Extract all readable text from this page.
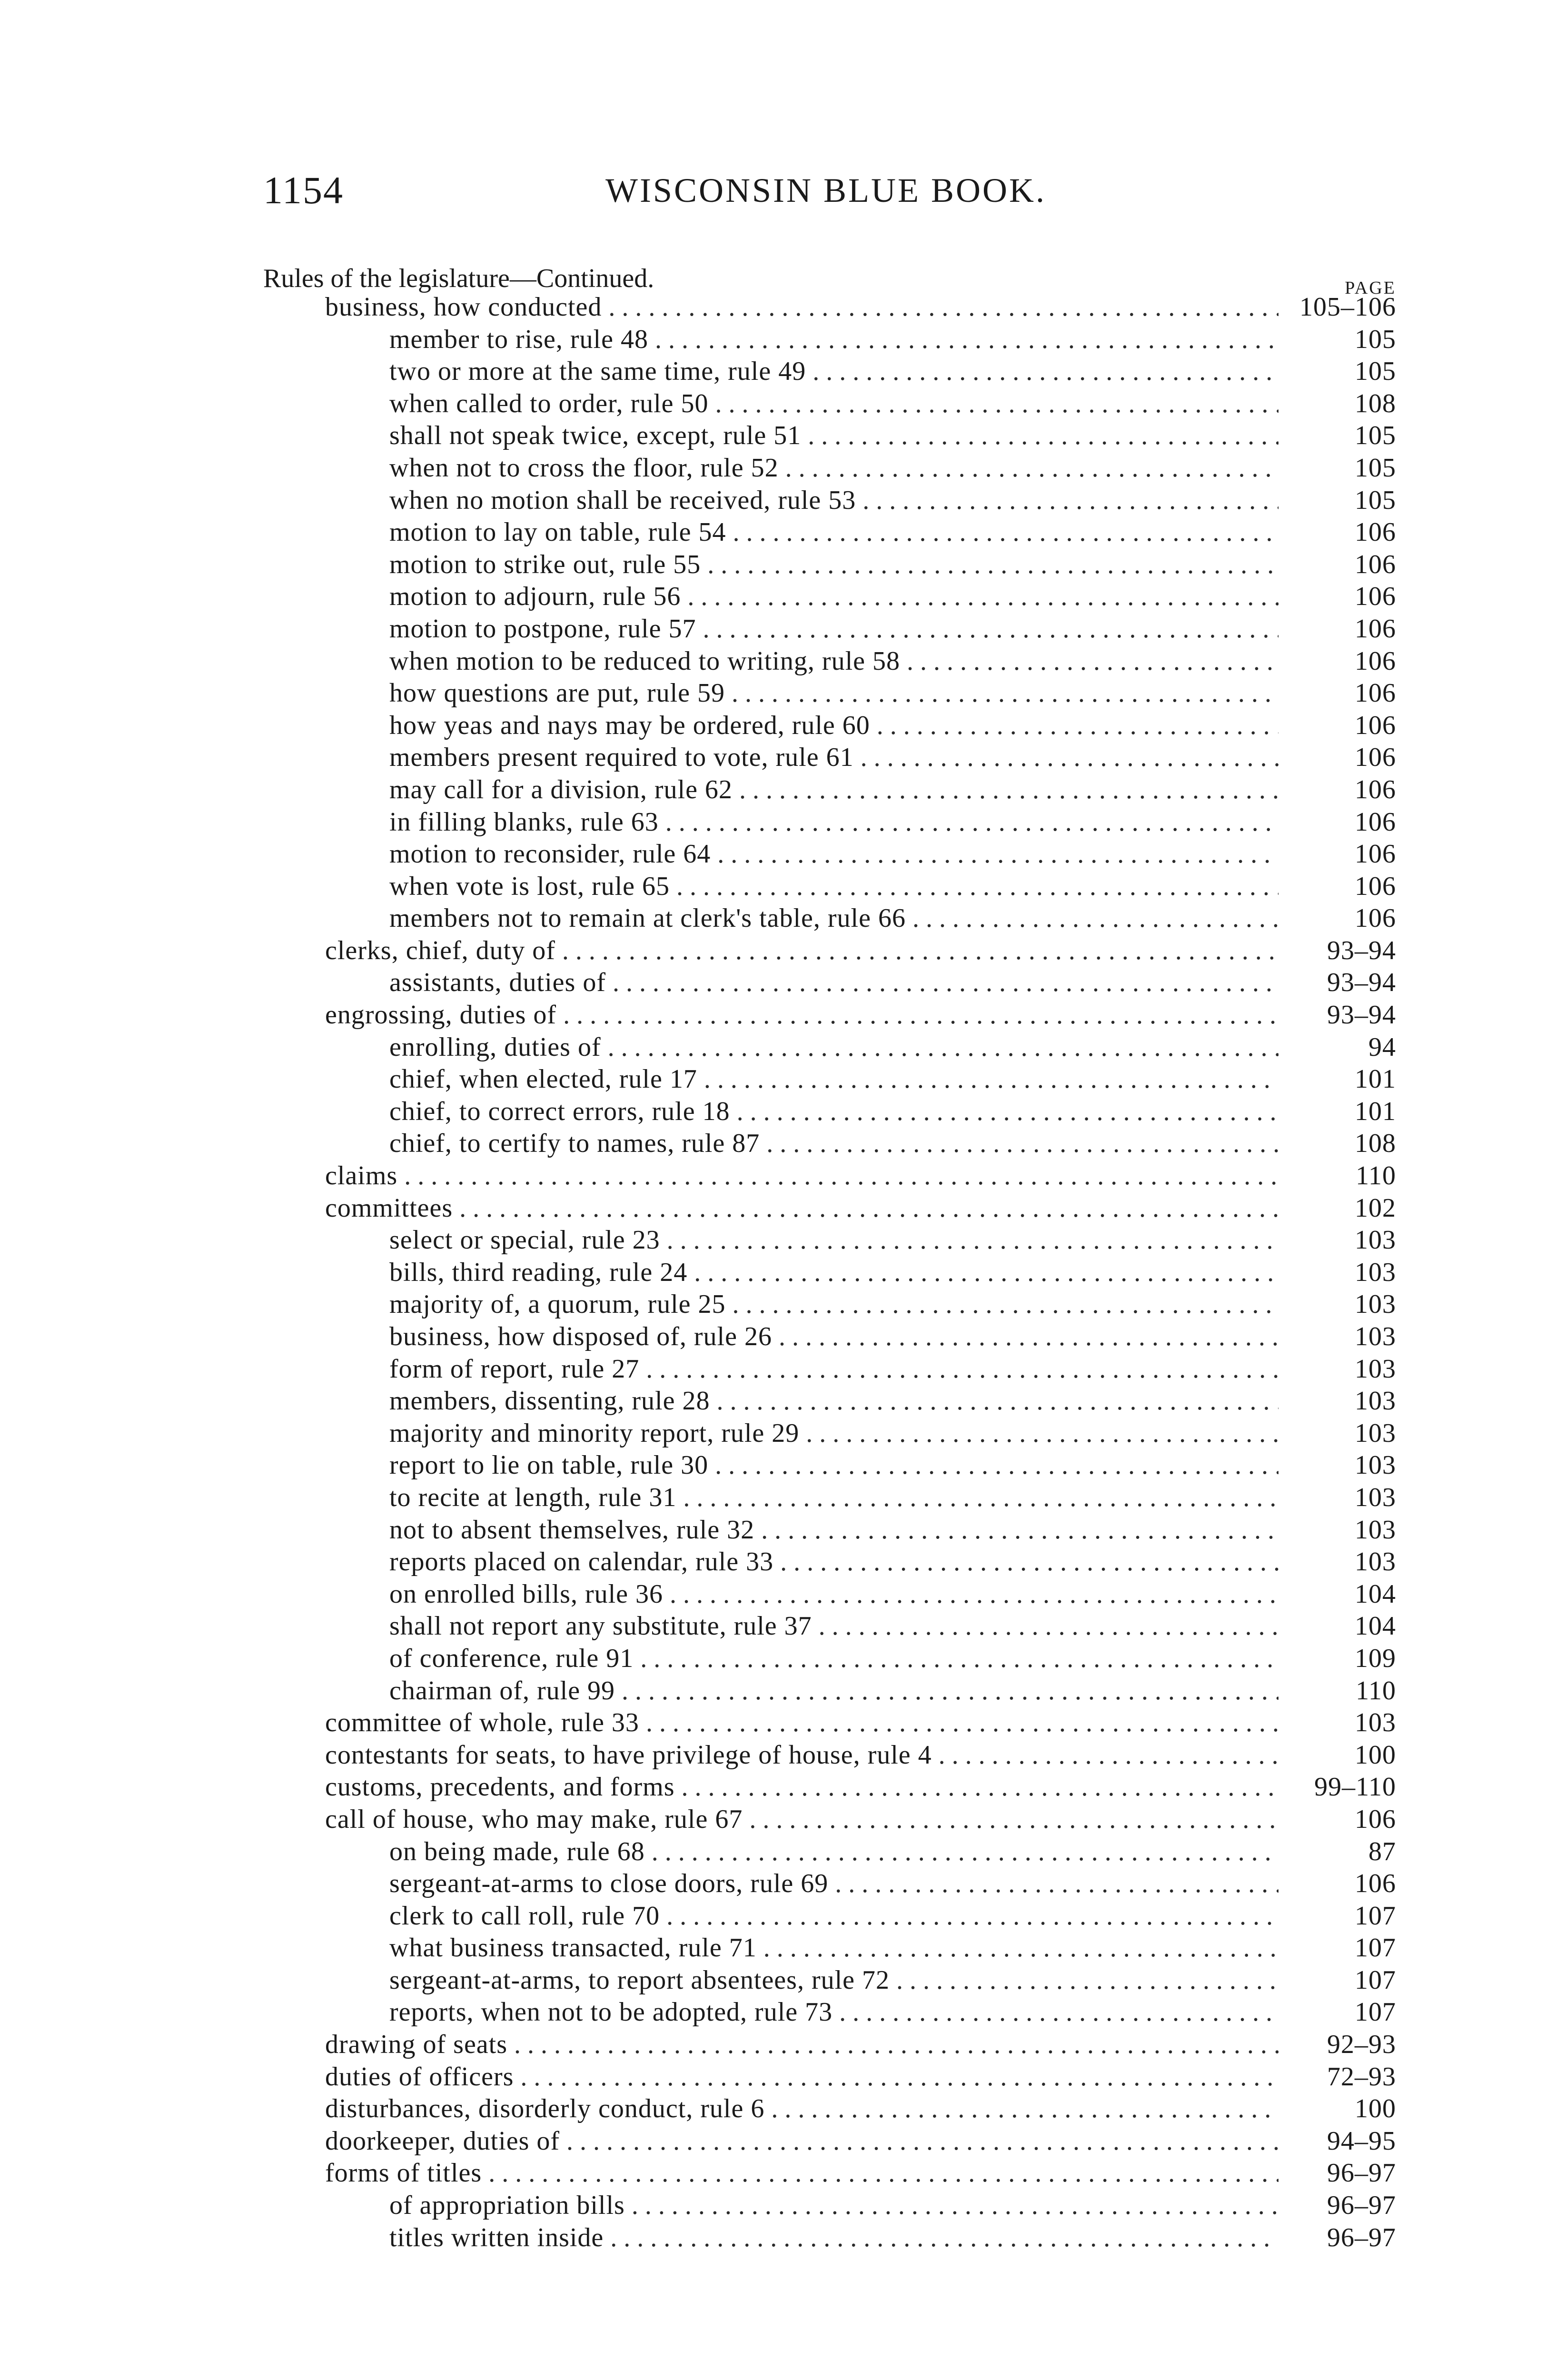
1154	WISCONSIN BLUE BOOK.
Rules of the legislature—Continued.	PAGE
business, how conducted . . .	105–106
member to rise, rule 48 . . .	105
two or more at the same time, rule 49 . . .	105
when called to order, rule 50 . . .	108
shall not speak twice, except, rule 51 . . .	105
when not to cross the floor, rule 52 . . .	105
when no motion shall be received, rule 53 . . .	105
motion to lay on table, rule 54 . . .	106
motion to strike out, rule 55 . . .	106
motion to adjourn, rule 56 . . .	106
motion to postpone, rule 57 . . .	106
when motion to be reduced to writing, rule 58 . . .	106
how questions are put, rule 59 . . .	106
how yeas and nays may be ordered, rule 60 . . .	106
members present required to vote, rule 61 . . .	106
may call for a division, rule 62 . . .	106
in filling blanks, rule 63 . . .	106
motion to reconsider, rule 64 . . .	106
when vote is lost, rule 65 . . .	106
members not to remain at clerk's table, rule 66 . . .	106
clerks, chief, duty of . . .	93–94
assistants, duties of . . .	93–94
engrossing, duties of . . .	93–94
enrolling, duties of . . .	94
chief, when elected, rule 17 . . .	101
chief, to correct errors, rule 18 . . .	101
chief, to certify to names, rule 87 . . .	108
claims . . .	110
committees . . .	102
select or special, rule 23 . . .	103
bills, third reading, rule 24 . . .	103
majority of, a quorum, rule 25 . . .	103
business, how disposed of, rule 26 . . .	103
form of report, rule 27 . . .	103
members, dissenting, rule 28 . . .	103
majority and minority report, rule 29 . . .	103
report to lie on table, rule 30 . . .	103
to recite at length, rule 31 . . .	103
not to absent themselves, rule 32 . . .	103
reports placed on calendar, rule 33 . . .	103
on enrolled bills, rule 36 . . .	104
shall not report any substitute, rule 37 . . .	104
of conference, rule 91 . . .	109
chairman of, rule 99 . . .	110
committee of whole, rule 33 . . .	103
contestants for seats, to have privilege of house, rule 4 . . .	100
customs, precedents, and forms . . .	99–110
call of house, who may make, rule 67 . . .	106
on being made, rule 68 . . .	87
sergeant-at-arms to close doors, rule 69 . . .	106
clerk to call roll, rule 70 . . .	107
what business transacted, rule 71 . . .	107
sergeant-at-arms, to report absentees, rule 72 . . .	107
reports, when not to be adopted, rule 73 . . .	107
drawing of seats . . .	92–93
duties of officers . . .	72–93
disturbances, disorderly conduct, rule 6 . . .	100
doorkeeper, duties of . . .	94–95
forms of titles . . .	96–97
of appropriation bills . . .	96–97
titles written inside . . .	96–97
